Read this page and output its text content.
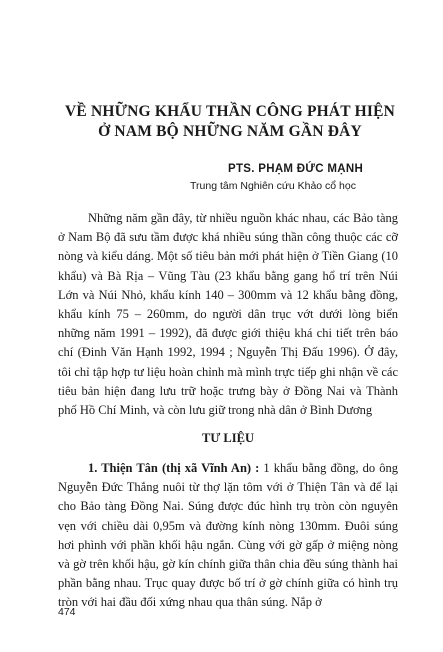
VỀ NHỮNG KHẨU THẦN CÔNG PHÁT HIỆN
Ở NAM BỘ NHỮNG NĂM GẦN ĐÂY
PTS. PHẠM ĐỨC MẠNH
Trung tâm Nghiên cứu Khảo cổ học

Những năm gần đây, từ nhiều nguồn khác nhau, các Bảo tàng ở Nam Bộ đã sưu tầm được khá nhiều súng thần công thuộc các cỡ nòng và kiểu dáng. Một số tiêu bản mới phát hiện ở Tiền Giang (10 khẩu) và Bà Rịa – Vũng Tàu (23 khẩu bằng gang hổ trí trên Núi Lớn và Núi Nhỏ, khẩu kính 140 – 300mm và 12 khẩu bằng đồng, khẩu kính 75 – 260mm, do người dân trục vớt dưới lòng biển những năm 1991 – 1992), đã được giới thiệu khá chi tiết trên báo chí (Đinh Văn Hạnh 1992, 1994 ; Nguyễn Thị Đấu 1996). Ở đây, tôi chỉ tập hợp tư liệu hoàn chỉnh mà mình trực tiếp ghi nhận về các tiêu bản hiện đang lưu trữ hoặc trưng bày ở Đồng Nai và Thành phố Hồ Chí Minh, và còn lưu giữ trong nhà dân ở Bình Dương

TƯ LIỆU

1. Thiện Tân (thị xã Vĩnh An) : 1 khẩu bằng đồng, do ông Nguyễn Đức Thắng nuôi từ thợ lặn tôm với ở Thiện Tân và để lại cho Bảo tàng Đồng Nai. Súng được đúc hình trụ tròn còn nguyên vẹn với chiều dài 0,95m và đường kính nòng 130mm. Đuôi súng hơi phình với phần khối hậu ngắn. Cùng với gờ gấp ở miệng nòng và gờ trên khối hậu, gờ kín chính giữa thân chia đều súng thành hai phần bằng nhau. Trục quay được bố trí ở gờ chính giữa có hình trụ tròn với hai đầu đối xứng nhau qua thân súng. Nắp ở

474
